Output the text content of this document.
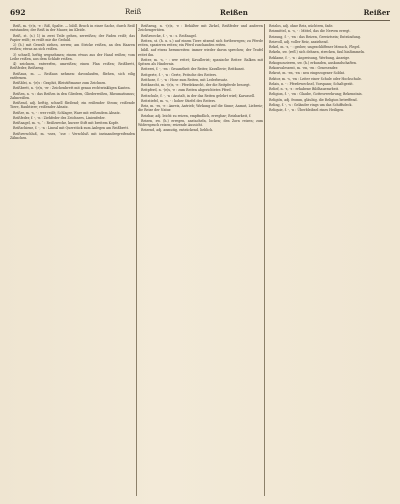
692	Reiß	Reißen	Reißer

Reiß, m. -(e)s, -e : Riß, Spalte. — bildl. Bruch in einer Sache, durch Reiß entstanden; der Reiß in der Mauer, im Kleide.

Reiß, st. (s.) 1) in zwei Teile gehen, zerreißen; der Faden reißt; das Papier reißt; es reißt mir die Geduld.

2) (h.) mit Gewalt ziehen, zerren; am Stricke reißen, an den Haaren reißen; etwas an sich reißen.

3) schnell, heftig wegnehmen; einem etwas aus der Hand reißen; vom Leibe reißen, aus dem Schlafe reißen.

4) zeichnen, entwerfen, umreißen; einen Plan reißen; Reißbrett, Reißfeder, Reißzeug.

Reißaus, m. — Reißaus nehmen: davonlaufen, fliehen, sich eilig entfernen.

Reißblei, n. -(e)s : Graphit, Bleistiftmasse zum Zeichnen.

Reißbrett, n. -(e)s, -er : Zeichenbrett mit genau rechtwinkligen Kanten.

Reißen, n. -s : das Reißen in den Gliedern, Gliederreißen, Rheumatismus; Zahnreißen.

Reißend, adj. heftig, schnell fließend; ein reißender Strom; reißende Tiere, Raubtiere; reißender Absatz.

Reißer, m. -s, - : wer reißt; Schlager, Ware mit reißendem Absatz.

Reißfeder, f. -, -n : Ziehfeder des Zeichners, Linienfeder.

Reißnagel, m. -s, ¨ : Reißzwecke, kurzer Stift mit breitem Kopfe.

Reißschiene, f. -, -n : Lineal mit Querstück zum Anlegen am Reißbrett.

Reißverschluß, m. -sses, ¨sse : Verschluß mit ineinandergreifenden Zähnchen.

Reißzeug, n. -(e)s, -e : Behälter mit Zirkel, Reißfeder und anderen Zeichengeräten.

Reißzwecke, f. -, -n : s. Reißnagel.

Reiten, st. (h. u. s.) auf einem Tiere sitzend sich fortbewegen; zu Pferde reiten, spazieren reiten; ein Pferd zuschanden reiten.

bildl. auf etwas herumreiten: immer wieder davon sprechen; der Teufel reitet ihn.

Reiter, m. -s, - : wer reitet; Kavallerist; spanische Reiter: Balken mit Spitzen als Hindernis.

Reiterei, f. -, -en : Gesamtheit der Reiter, Kavallerie; Reitkunst.

Reitgerte, f. -, -n : Gerte, Peitsche des Reiters.

Reithose, f. -, -n : Hose zum Reiten, mit Lederbesatz.

Reitknecht, m. -(e)s, -e : Pferdeknecht, der die Reitpferde besorgt.

Reitpferd, n. -(e)s, -e : zum Reiten abgerichtetes Pferd.

Reitschule, f. -, -n : Anstalt, in der das Reiten gelehrt wird; Karussell.

Reitstiefel, m. -s, - : hoher Stiefel des Reiters.

Reiz, m. -es, -e : Anreiz, Antrieb; Wirkung auf die Sinne; Anmut, Liebreiz; die Reize der Natur.

Reizbar, adj. leicht zu reizen, empfindlich, erregbar; Reizbarkeit, f.

Reizen, sw. (h.) erregen, anstacheln, locken; den Zorn reizen; zum Widerspruch reizen; reizende Aussicht.

Reizend, adj. anmutig, entzückend, lieblich.

Reizlos, adj. ohne Reiz, nüchtern, fade.

Reizmittel, n. -s, - : Mittel, das die Nerven erregt.

Reizung, f. -, -en : das Reizen, Gereiztsein; Entzündung.

Reizvoll, adj. voller Reiz, anziehend.

Rekel, m. -s, - : grober, ungeschliffener Mensch, Flegel.

Rekeln, sw. (refl.) sich dehnen, strecken, faul hinlümmeln.

Reklame, f. -, -n : Anpreisung, Werbung, Anzeige.

Rekognoszieren, sw. (h.) erkunden, auskundschaften.

Rekonvaleszent, m. -en, -en : Genesender.

Rekrut, m. -en, -en : neu eingezogener Soldat.

Rektor, m. -s, -en : Leiter einer Schule oder Hochschule.

Relais, n. - : Pferdewechsel, Vorspann; Schaltgerät.

Relief, n. -s, -s : erhabene Bildhauerarbeit.

Religion, f. -, -en : Glaube, Gottesverehrung; Bekenntnis.

Religiös, adj. fromm, gläubig, die Religion betreffend.

Reling, f. -, -s : Geländer rings um das Schiffsdeck.

Reliquie, f. -, -n : Überbleibsel eines Heiligen.
